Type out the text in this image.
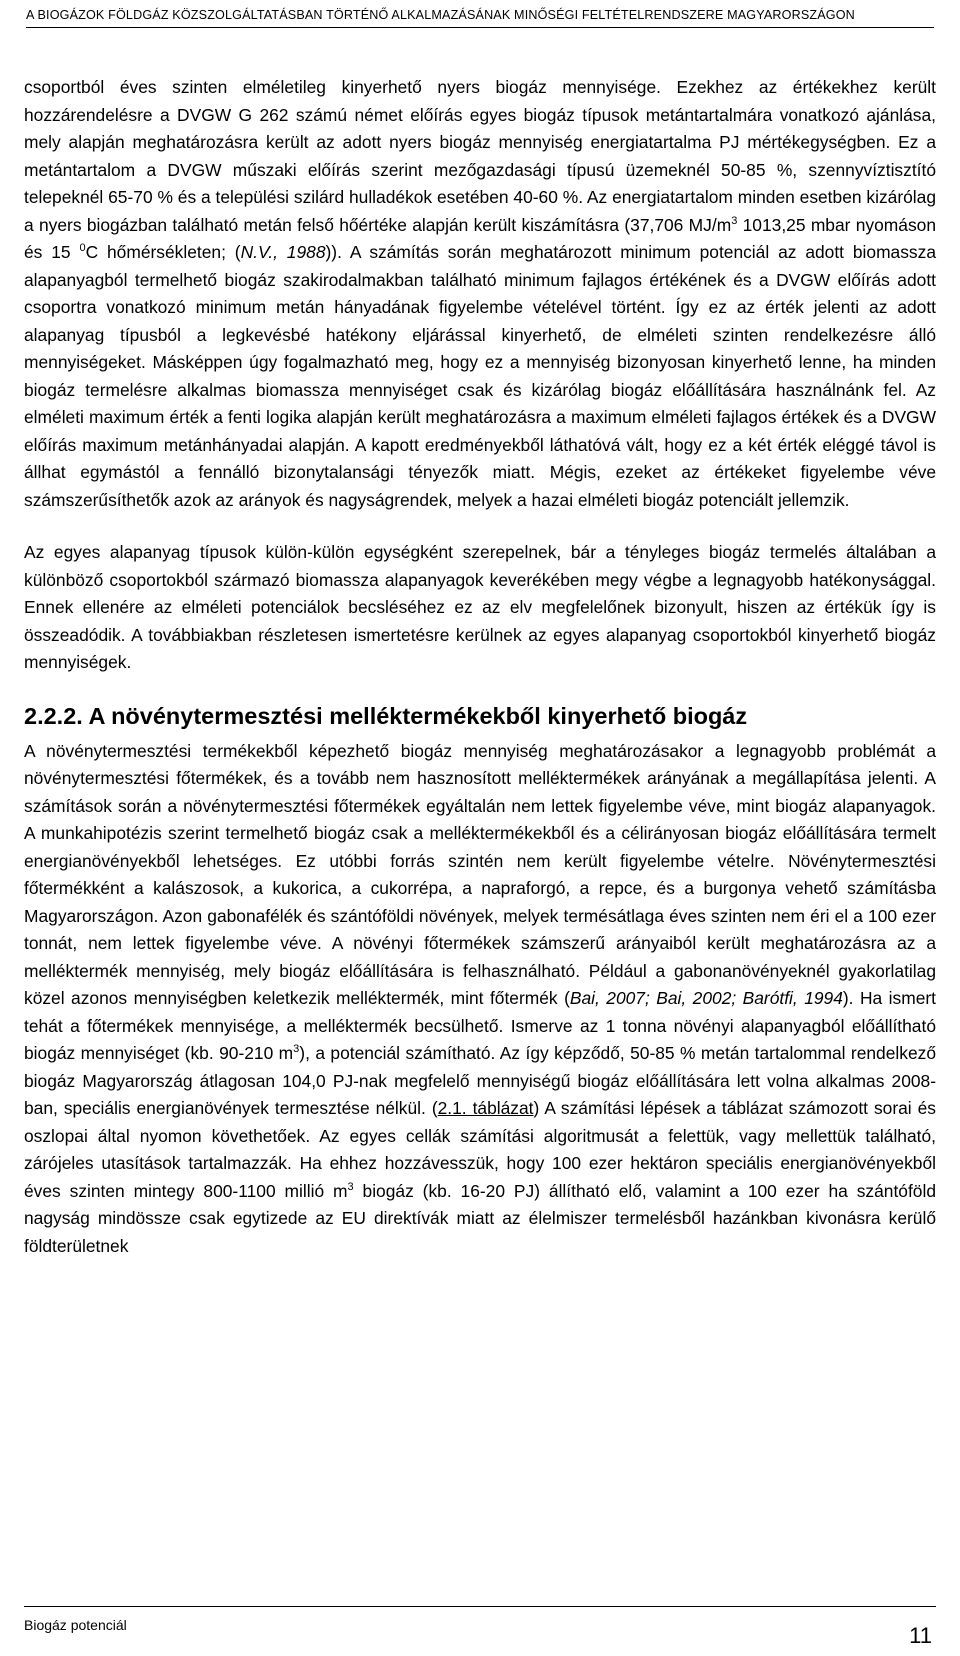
A BIOGÁZOK FÖLDGÁZ KÖZSZOLGÁLTATÁSBAN TÖRTÉNŐ ALKALMAZÁSÁNAK MINŐSÉGI FELTÉTELRENDSZERE MAGYARORSZÁGON

csoportból éves szinten elméletileg kinyerhető nyers biogáz mennyisége. Ezekhez az értékekhez került hozzárendelésre a DVGW G 262 számú német előírás egyes biogáz típusok metántartalmára vonatkozó ajánlása, mely alapján meghatározásra került az adott nyers biogáz mennyiség energiatartalma PJ mértékegységben. Ez a metántartalom a DVGW műszaki előírás szerint mezőgazdasági típusú üzemeknél 50-85 %, szennyvíztisztító telepeknél 65-70 % és a települési szilárd hulladékok esetében 40-60 %. Az energiatartalom minden esetben kizárólag a nyers biogázban található metán felső hőértéke alapján került kiszámításra (37,706 $MJ/m^3$ 1013,25 mbar nyomáson és 15 $^0$C hőmérsékleten; (N.V., 1988)). A számítás során meghatározott minimum potenciál az adott biomassza alapanyagból termelhető biogáz szakirodalmakban található minimum fajlagos értékének és a DVGW előírás adott csoportra vonatkozó minimum metán hányadának figyelembe vételével történt. Így ez az érték jelenti az adott alapanyag típusból a legkevésbé hatékony eljárással kinyerhető, de elméleti szinten rendelkezésre álló mennyiségeket. Másképpen úgy fogalmazható meg, hogy ez a mennyiség bizonyosan kinyerhető lenne, ha minden biogáz termelésre alkalmas biomassza mennyiséget csak és kizárólag biogáz előállítására használnánk fel. Az elméleti maximum érték a fenti logika alapján került meghatározásra a maximum elméleti fajlagos értékek és a DVGW előírás maximum metánhányadai alapján. A kapott eredményekből láthatóvá vált, hogy ez a két érték eléggé távol is állhat egymástól a fennálló bizonytalansági tényezők miatt. Mégis, ezeket az értékeket figyelembe véve számszerűsíthetők azok az arányok és nagyságrendek, melyek a hazai elméleti biogáz potenciált jellemzik.

Az egyes alapanyag típusok külön-külön egységként szerepelnek, bár a tényleges biogáz termelés általában a különböző csoportokból származó biomassza alapanyagok keverékében megy végbe a legnagyobb hatékonysággal. Ennek ellenére az elméleti potenciálok becsléséhez ez az elv megfelelőnek bizonyult, hiszen az értékük így is összeadódik. A továbbiakban részletesen ismertetésre kerülnek az egyes alapanyag csoportokból kinyerhető biogáz mennyiségek.

2.2.2. A növénytermesztési melléktermékekből kinyerhető biogáz

A növénytermesztési termékekből képezhető biogáz mennyiség meghatározásakor a legnagyobb problémát a növénytermesztési főtermékek, és a tovább nem hasznosított melléktermékek arányának a megállapítása jelenti. A számítások során a növénytermesztési főtermékek egyáltalán nem lettek figyelembe véve, mint biogáz alapanyagok. A munkahipotézis szerint termelhető biogáz csak a melléktermékekből és a célirányosan biogáz előállítására termelt energianövényekből lehetséges. Ez utóbbi forrás szintén nem került figyelembe vételre. Növénytermesztési főtermékként a kalászosok, a kukorica, a cukorrépa, a napraforgó, a repce, és a burgonya vehető számításba Magyarországon. Azon gabonafélék és szántóföldi növények, melyek termésátlaga éves szinten nem éri el a 100 ezer tonnát, nem lettek figyelembe véve. A növényi főtermékek számszerű arányaiból került meghatározásra az a melléktermék mennyiség, mely biogáz előállítására is felhasználható. Például a gabonanövényeknél gyakorlatilag közel azonos mennyiségben keletkezik melléktermék, mint főtermék (Bai, 2007; Bai, 2002; Barótfi, 1994). Ha ismert tehát a főtermékek mennyisége, a melléktermék becsülhető. Ismerve az 1 tonna növényi alapanyagból előállítható biogáz mennyiséget (kb. 90-210 $m^3$), a potenciál számítható. Az így képződő, 50-85 % metán tartalommal rendelkező biogáz Magyarország átlagosan 104,0 PJ-nak megfelelő mennyiségű biogáz előállítására lett volna alkalmas 2008-ban, speciális energianövények termesztése nélkül. (2.1. táblázat) A számítási lépések a táblázat számozott sorai és oszlopai által nyomon követhetőek. Az egyes cellák számítási algoritmusát a felettük, vagy mellettük található, zárójeles utasítások tartalmazzák. Ha ehhez hozzávesszük, hogy 100 ezer hektáron speciális energianövényekből éves szinten mintegy 800-1100 millió $m^3$ biogáz (kb. 16-20 PJ) állítható elő, valamint a 100 ezer ha szántóföld nagyság mindössze csak egytizede az EU direktívák miatt az élelmiszer termelésből hazánkban kivonásra kerülő földterületnek

Biogáz potenciál	11
